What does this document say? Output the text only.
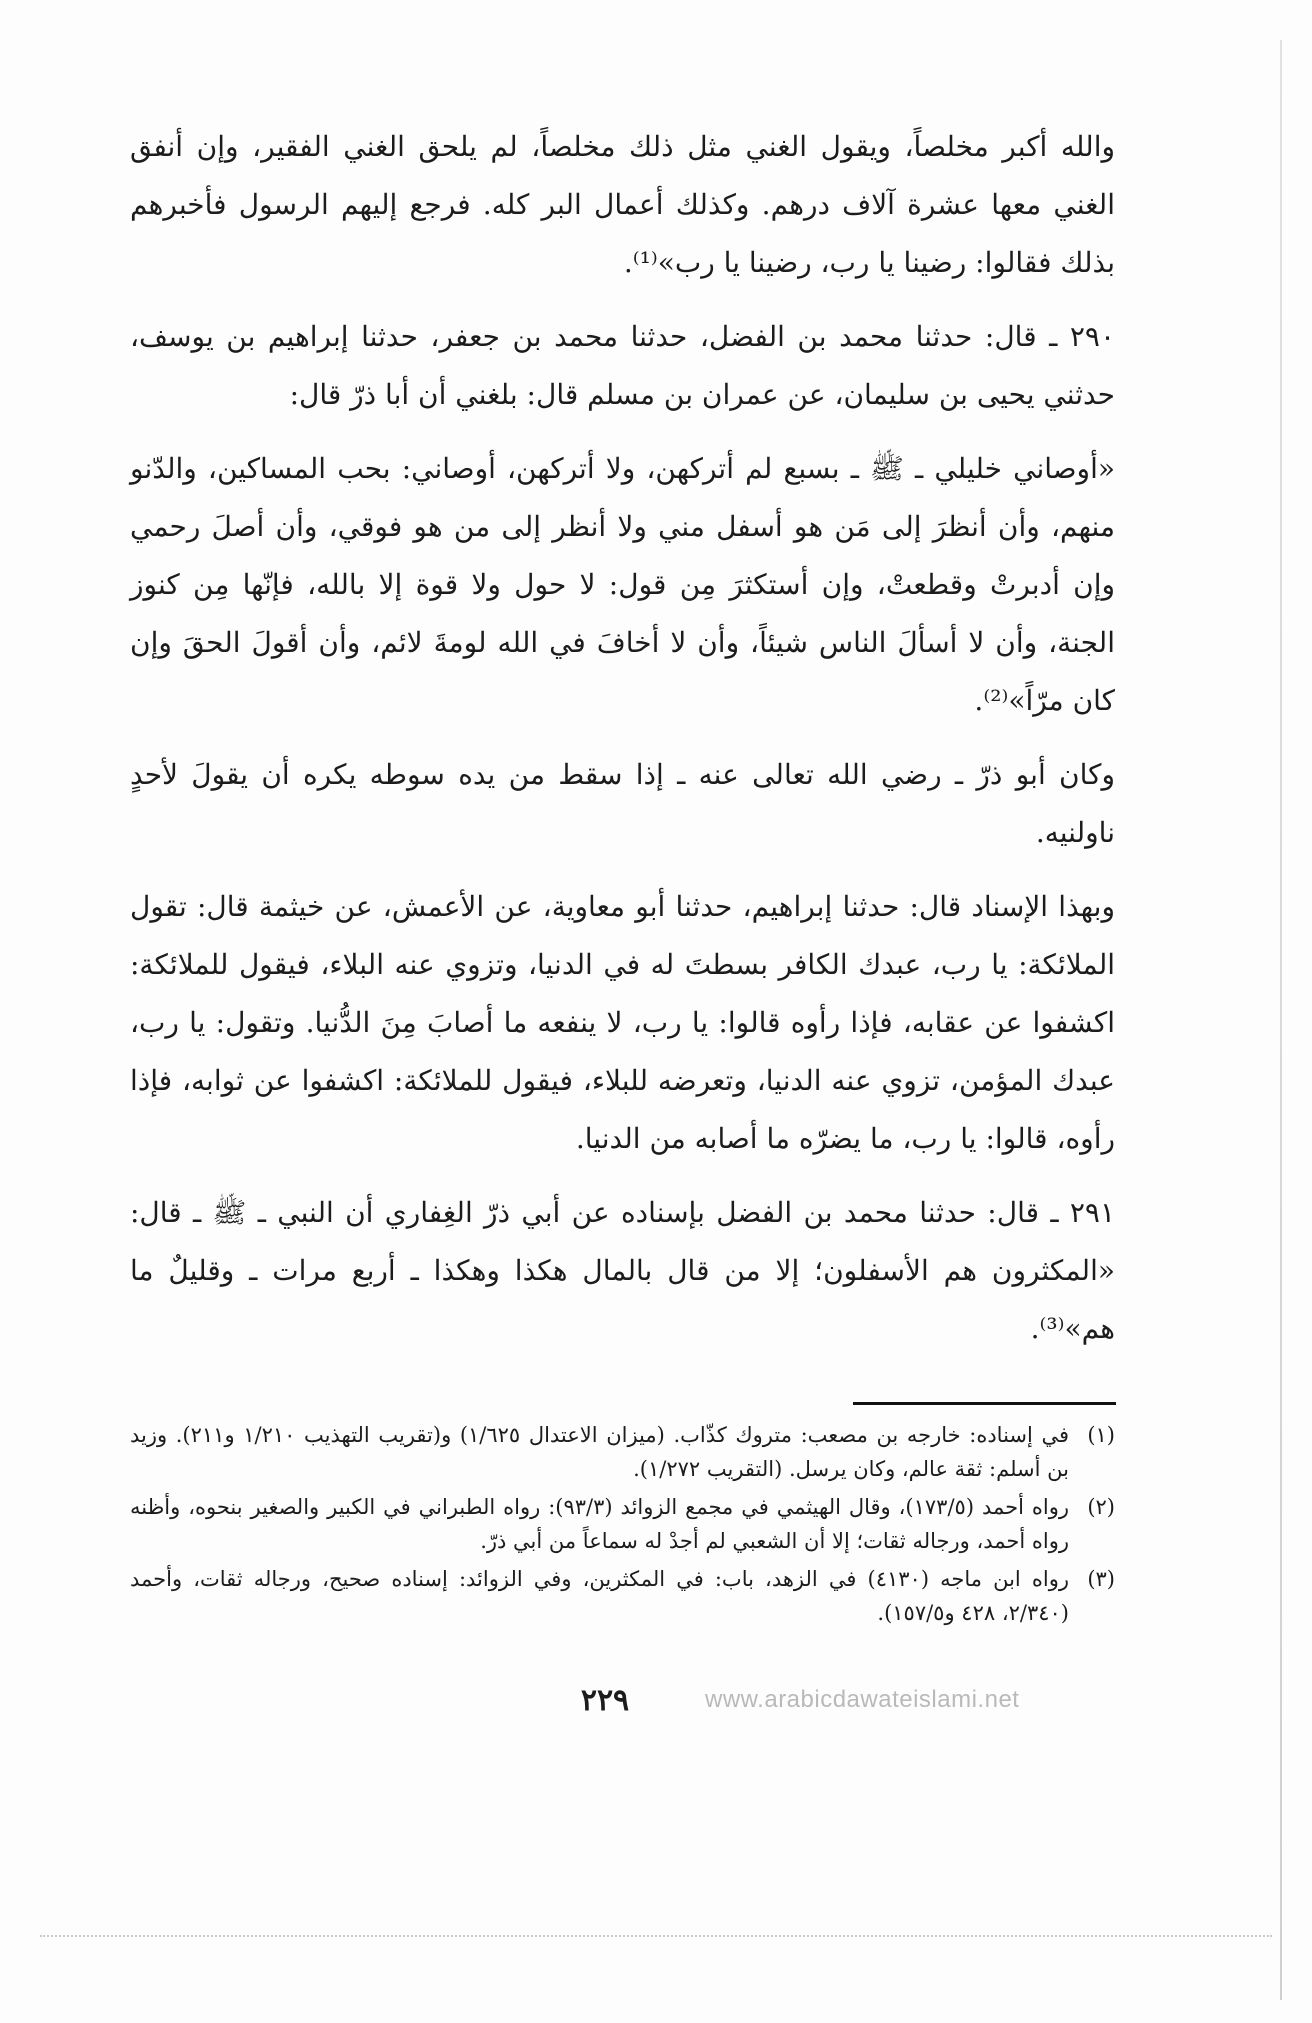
والله أكبر مخلصاً، ويقول الغني مثل ذلك مخلصاً، لم يلحق الغني الفقير، وإن أنفق الغني معها عشرة آلاف درهم. وكذلك أعمال البر كله. فرجع إليهم الرسول فأخبرهم بذلك فقالوا: رضينا يا رب، رضينا يا رب»⁽¹⁾.

٢٩٠ ـ قال: حدثنا محمد بن الفضل، حدثنا محمد بن جعفر، حدثنا إبراهيم بن يوسف، حدثني يحيى بن سليمان، عن عمران بن مسلم قال: بلغني أن أبا ذرّ قال:

«أوصاني خليلي ـ ﷺ ـ بسبع لم أتركهن، ولا أتركهن، أوصاني: بحب المساكين، والدّنو منهم، وأن أنظرَ إلى مَن هو أسفل مني ولا أنظر إلى من هو فوقي، وأن أصلَ رحمي وإن أدبرتْ وقطعتْ، وإن أستكثرَ مِن قول: لا حول ولا قوة إلا بالله، فإنّها مِن كنوز الجنة، وأن لا أسألَ الناس شيئاً، وأن لا أخافَ في الله لومةَ لائم، وأن أقولَ الحقَ وإن كان مرّاً»⁽²⁾.

وكان أبو ذرّ ـ رضي الله تعالى عنه ـ إذا سقط من يده سوطه يكره أن يقولَ لأحدٍ ناولنيه.

وبهذا الإسناد قال: حدثنا إبراهيم، حدثنا أبو معاوية، عن الأعمش، عن خيثمة قال: تقول الملائكة: يا رب، عبدك الكافر بسطتَ له في الدنيا، وتزوي عنه البلاء، فيقول للملائكة: اكشفوا عن عقابه، فإذا رأوه قالوا: يا رب، لا ينفعه ما أصابَ مِنَ الدُّنيا. وتقول: يا رب، عبدك المؤمن، تزوي عنه الدنيا، وتعرضه للبلاء، فيقول للملائكة: اكشفوا عن ثوابه، فإذا رأوه، قالوا: يا رب، ما يضرّه ما أصابه من الدنيا.

٢٩١ ـ قال: حدثنا محمد بن الفضل بإسناده عن أبي ذرّ الغِفاري أن النبي ـ ﷺ ـ قال: «المكثرون هم الأسفلون؛ إلا من قال بالمال هكذا وهكذا ـ أربع مرات ـ وقليلٌ ما هم»⁽³⁾.

(١)
في إسناده: خارجه بن مصعب: متروك كذّاب. (ميزان الاعتدال ١/٦٢٥) و(تقريب التهذيب ١/٢١٠ و٢١١). وزيد بن أسلم: ثقة عالم، وكان يرسل. (التقريب ١/٢٧٢).
(٢)
رواه أحمد (١٧٣/٥)، وقال الهيثمي في مجمع الزوائد (٩٣/٣): رواه الطبراني في الكبير والصغير بنحوه، وأظنه رواه أحمد، ورجاله ثقات؛ إلا أن الشعبي لم أجدْ له سماعاً من أبي ذرّ.
(٣)
رواه ابن ماجه (٤١٣٠) في الزهد، باب: في المكثرين، وفي الزوائد: إسناده صحيح، ورجاله ثقات، وأحمد (٢/٣٤٠، ٤٢٨ و١٥٧/٥).
٢٢٩	www.arabicdawateislami.net
